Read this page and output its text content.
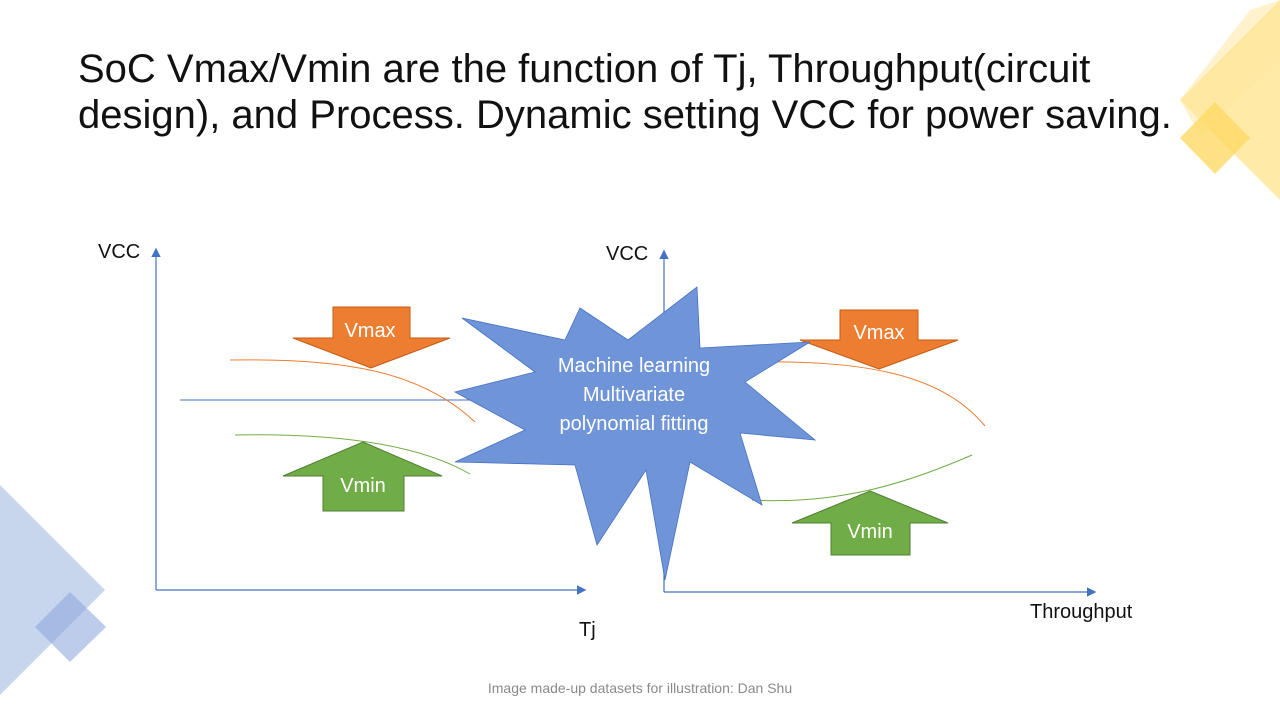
Vmax
Vmin
VCC
Tj
Vmax
Vmin
VCC
Throughput
Machine learning
Multivariate
polynomial fitting
SoC Vmax/Vmin are the function of Tj, Throughput(circuit design), and Process. Dynamic setting VCC for power saving.
Image made-up datasets for illustration: Dan Shu
